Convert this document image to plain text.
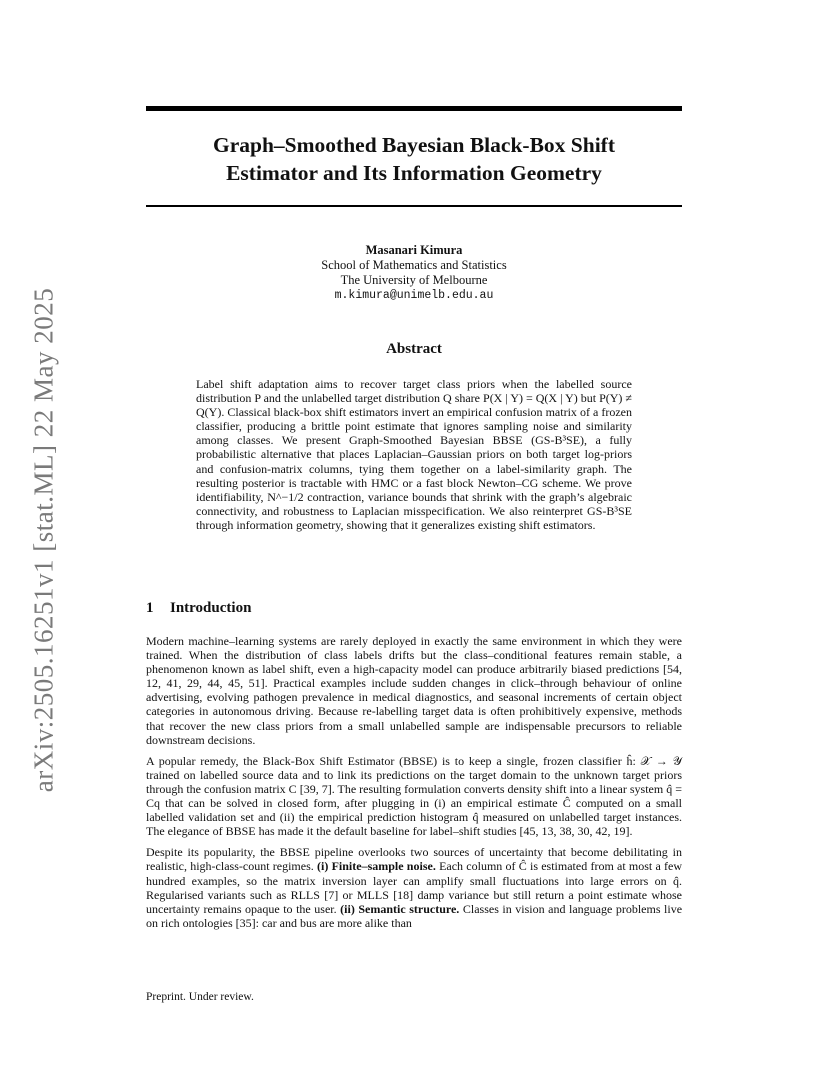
arXiv:2505.16251v1 [stat.ML] 22 May 2025
Graph–Smoothed Bayesian Black-Box Shift
Estimator and Its Information Geometry
Masanari Kimura
School of Mathematics and Statistics
The University of Melbourne
m.kimura@unimelb.edu.au
Abstract

Label shift adaptation aims to recover target class priors when the labelled source distribution P and the unlabelled target distribution Q share P(X | Y) = Q(X | Y) but P(Y) ≠ Q(Y). Classical black-box shift estimators invert an empirical confusion matrix of a frozen classifier, producing a brittle point estimate that ignores sampling noise and similarity among classes. We present Graph-Smoothed Bayesian BBSE (GS-B³SE), a fully probabilistic alternative that places Laplacian–Gaussian priors on both target log-priors and confusion-matrix columns, tying them together on a label-similarity graph. The resulting posterior is tractable with HMC or a fast block Newton–CG scheme. We prove identifiability, N^−1/2 contraction, variance bounds that shrink with the graph’s algebraic connectivity, and robustness to Laplacian misspecification. We also reinterpret GS-B³SE through information geometry, showing that it generalizes existing shift estimators.

1 Introduction

Modern machine–learning systems are rarely deployed in exactly the same environment in which they were trained. When the distribution of class labels drifts but the class–conditional features remain stable, a phenomenon known as label shift, even a high-capacity model can produce arbitrarily biased predictions [54, 12, 41, 29, 44, 45, 51]. Practical examples include sudden changes in click–through behaviour of online advertising, evolving pathogen prevalence in medical diagnostics, and seasonal increments of certain object categories in autonomous driving. Because re-labelling target data is often prohibitively expensive, methods that recover the new class priors from a small unlabelled sample are indispensable precursors to reliable downstream decisions.

A popular remedy, the Black-Box Shift Estimator (BBSE) is to keep a single, frozen classifier ĥ: 𝒳 → 𝒴 trained on labelled source data and to link its predictions on the target domain to the unknown target priors through the confusion matrix C [39, 7]. The resulting formulation converts density shift into a linear system q̂ = Cq that can be solved in closed form, after plugging in (i) an empirical estimate Ĉ computed on a small labelled validation set and (ii) the empirical prediction histogram q̂ measured on unlabelled target instances. The elegance of BBSE has made it the default baseline for label–shift studies [45, 13, 38, 30, 42, 19].

Despite its popularity, the BBSE pipeline overlooks two sources of uncertainty that become debilitating in realistic, high-class-count regimes. (i) Finite–sample noise. Each column of Ĉ is estimated from at most a few hundred examples, so the matrix inversion layer can amplify small fluctuations into large errors on q̂. Regularised variants such as RLLS [7] or MLLS [18] damp variance but still return a point estimate whose uncertainty remains opaque to the user. (ii) Semantic structure. Classes in vision and language problems live on rich ontologies [35]: car and bus are more alike than

Preprint. Under review.
